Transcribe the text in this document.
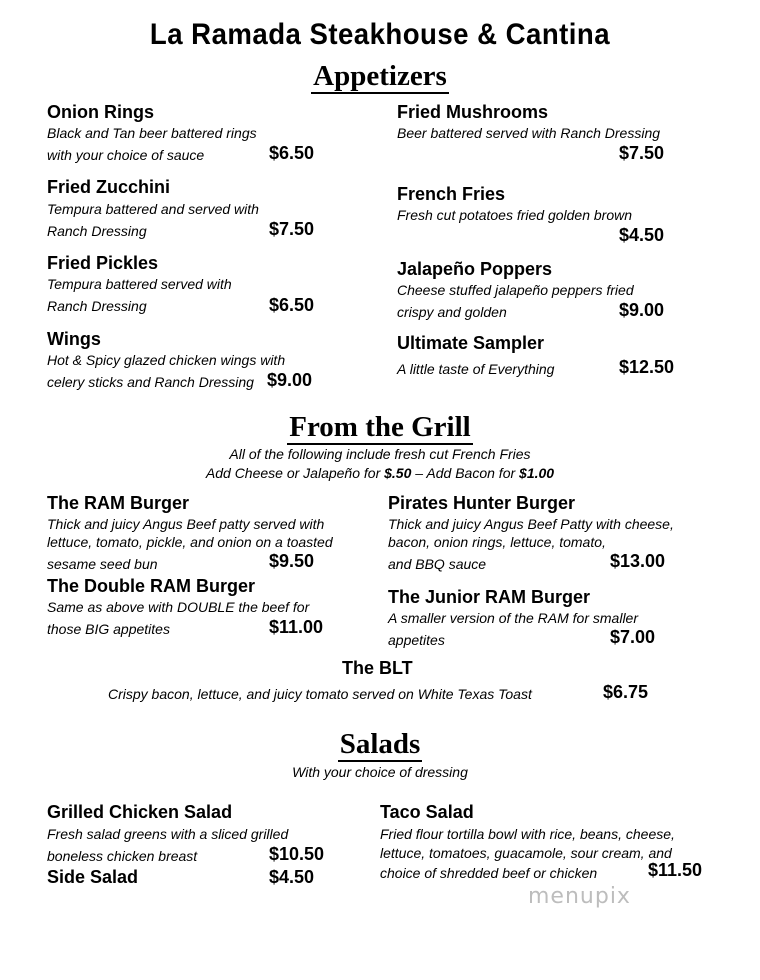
La Ramada Steakhouse & Cantina
Appetizers
Onion Rings
Black and Tan beer battered rings
with your choice of sauce	$6.50
Fried Zucchini
Tempura battered and served with
Ranch Dressing	$7.50
Fried Pickles
Tempura battered served with
Ranch Dressing	$6.50
Wings
Hot & Spicy glazed chicken wings with
celery sticks and Ranch Dressing $9.00
Fried Mushrooms
Beer battered served with Ranch Dressing
$7.50
French Fries
Fresh cut potatoes fried golden brown
$4.50
Jalapeño Poppers
Cheese stuffed jalapeño peppers fried
crispy and golden	$9.00
Ultimate Sampler
A little taste of Everything	$12.50
From the Grill
All of the following include fresh cut French Fries
Add Cheese or Jalapeño for $.50 – Add Bacon for $1.00
The RAM Burger
Thick and juicy Angus Beef patty served with
lettuce, tomato, pickle, and onion on a toasted
sesame seed bun	$9.50
The Double RAM Burger
Same as above with DOUBLE the beef for
those BIG appetites	$11.00
Pirates Hunter Burger
Thick and juicy Angus Beef Patty with cheese,
bacon, onion rings, lettuce, tomato,
and BBQ sauce	$13.00
The Junior RAM Burger
A smaller version of the RAM for smaller
appetites	$7.00
The BLT
Crispy bacon, lettuce, and juicy tomato served on White Texas Toast	$6.75
Salads
With your choice of dressing
Grilled Chicken Salad
Fresh salad greens with a sliced grilled
boneless chicken breast	$10.50
Side Salad	$4.50
Taco Salad
Fried flour tortilla bowl with rice, beans, cheese,
lettuce, tomatoes, guacamole, sour cream, and
choice of shredded beef or chicken	$11.50
menupix
